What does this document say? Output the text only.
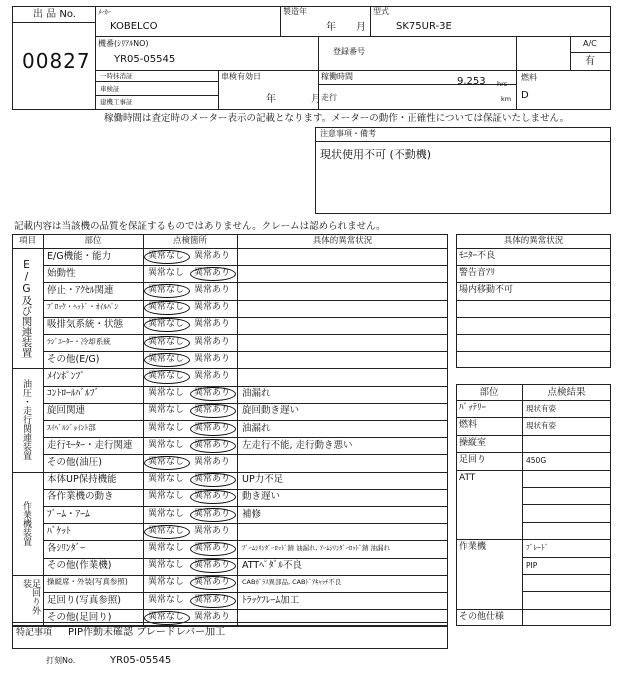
出 品 No.
00827
ﾒｰｶｰ
KOBELCO
製造年
年 月
型式
SK75UR-3E
機番(ｼﾘｱﾙNO)
YR05-05545
登録番号
A/C
有
一時抹消証
車検証
建機工事証
車検有効日
年	月
稼働時間	9,253 hrs
km
走行
燃料
D
稼働時間は査定時のメーター表示の記載となります。メーターの動作・正確性については保証いたしません。
注意事項・備考
現状使用不可 (不動機)
記載内容は当該機の品質を保証するものではありません。クレームは認められません。
項目	部位	点検箇所	具体的異常状況
E/G機能・能力	異常なし 異常あり
始動性	異常なし 異常あり
停止・ｱｸｾﾙ関連	異常なし 異常あり
ﾌﾞﾛｯｸ・ﾍｯﾄﾞ・ｵｲﾙﾊﾟﾝ	異常なし 異常あり
吸排気系統・状態	異常なし 異常あり
ﾗｼﾞｴｰﾀｰ・冷却系統	異常なし 異常あり
その他(E/G)	異常なし 異常あり
E/G及び関連装置
ﾒｲﾝﾎﾟﾝﾌﾟ	異常なし 異常あり
ｺﾝﾄﾛｰﾙﾊﾞﾙﾌﾞ	異常なし 異常あり 油漏れ
旋回関連	異常なし 異常あり 旋回動き遅い
ｽｲﾍﾞﾙｼﾞｮｲﾝﾄ部	異常なし 異常あり 油漏れ
走行ﾓｰﾀｰ・走行関連 異常なし 異常あり 左走行不能, 走行動き悪い
その他(油圧)	異常なし 異常あり
油圧・走行関連装置
本体UP保持機能	異常なし 異常あり UP力不足
各作業機の動き	異常なし 異常あり 動き遅い
ﾌﾞｰﾑ・ｱｰﾑ	異常なし 異常あり 補修
ﾊﾞｹｯﾄ	異常なし 異常あり
各ｼﾘﾝﾀﾞｰ	異常なし 異常あり ﾌﾞｰﾑｼﾘﾝﾀﾞｰﾛｯﾄﾞ錆 油漏れ, ｱｰﾑｼﾘﾝﾀﾞｰﾛｯﾄﾞ錆 油漏れ
その他(作業機)	異常なし 異常あり ATTﾍﾟﾀﾞﾙ不良
作業機装置
操縦席・外装(写真参照) 異常なし 異常あり CABｶﾞﾗｽ異部品, CABﾄﾞｱｷｬｯﾁ不良
足回り(写真参照)	異常なし 異常あり ﾄﾗｯｸﾌﾚｰﾑ加工
その他(足回り)	異常なし 異常あり
足回り外装
特記事項 PIP作動未確認 ブレードレバー加工
打刻No.	YR05-05545
具体的異常状況
ﾓﾆﾀｰ不良
警告音ｱﾘ
場内移動不可
部位	点検結果
ﾊﾞｯﾃﾘｰ	現状有姿
燃料	現状有姿
操縦室
足回り	450G
ATT
作業機	ﾌﾞﾚｰﾄﾞ
PIP
その他仕様
